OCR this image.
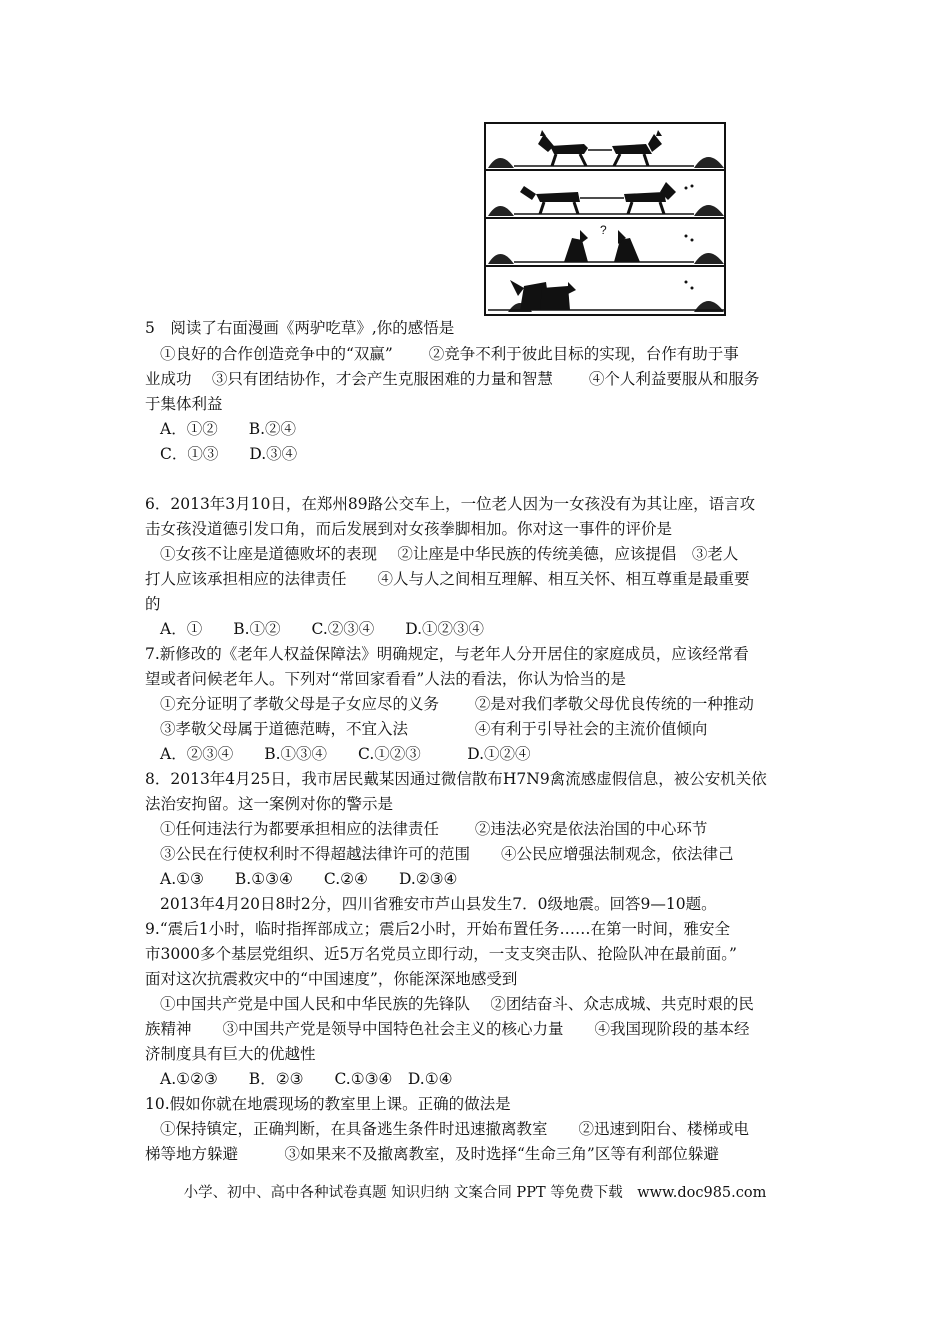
?
5　阅读了右面漫画《两驴吃草》,你的感悟是
①良好的合作创造竞争中的“双赢”　　 ②竞争不利于彼此目标的实现，台作有助于事
业成功　 ③只有团结协作，才会产生克服困难的力量和智慧　　 ④个人利益要服从和服务
于集体利益
A．①②　　B.②④
C．①③　　D.③④
6．2013年3月10日，在郑州89路公交车上，一位老人因为一女孩没有为其让座，语言攻
击女孩没道德引发口角，而后发展到对女孩拳脚相加。你对这一事件的评价是
①女孩不让座是道德败坏的表现　 ②让座是中华民族的传统美德，应该提倡　③老人
打人应该承担相应的法律责任　　④人与人之间相互理解、相互关怀、相互尊重是最重要
的
A．①　　B.①②　　C.②③④　　D.①②③④
7.新修改的《老年人权益保障法》明确规定，与老年人分开居住的家庭成员，应该经常看
望或者问候老年人。下列对“常回家看看”人法的看法，你认为恰当的是
①充分证明了孝敬父母是子女应尽的义务　　 ②是对我们孝敬父母优良传统的一种推动
③孝敬父母属于道德范畴，不宜入法　　　　 ④有利于引导社会的主流价值倾向
A．②③④　　B.①③④　　C.①②③　　　D.①②④
8．2013年4月25日，我市居民戴某因通过微信散布H7N9禽流感虚假信息，被公安机关依
法治安拘留。这一案例对你的警示是
①任何违法行为都要承担相应的法律责任　　 ②违法必究是依法治国的中心环节
③公民在行使权利时不得超越法律许可的范围　　④公民应增强法制观念，依法律己
A.①③　　B.①③④　　C.②④　　D.②③④
2013年4月20日8时2分，四川省雅安市芦山县发生7．0级地震。回答9—10题。
9.“震后1小时，临时指挥部成立；震后2小时，开始布置任务……在第一时间，雅安全
市3000多个基层党组织、近5万名党员立即行动，一支支突击队、抢险队冲在最前面。”
面对这次抗震救灾中的“中国速度”，你能深深地感受到
①中国共产党是中国人民和中华民族的先锋队　 ②团结奋斗、众志成城、共克时艰的民
族精神　　③中国共产党是领导中国特色社会主义的核心力量　　④我国现阶段的基本经
济制度具有巨大的优越性
A.①②③　　B．②③　　C.①③④　D.①④
10.假如你就在地震现场的教室里上课。正确的做法是
①保持镇定，正确判断，在具备逃生条件时迅速撤离教室　　②迅速到阳台、楼梯或电
梯等地方躲避　　　③如果来不及撤离教室，及时选择“生命三角”区等有利部位躲避
小学、初中、高中各种试卷真题 知识归纳 文案合同 PPT 等免费下载　www.doc985.com
